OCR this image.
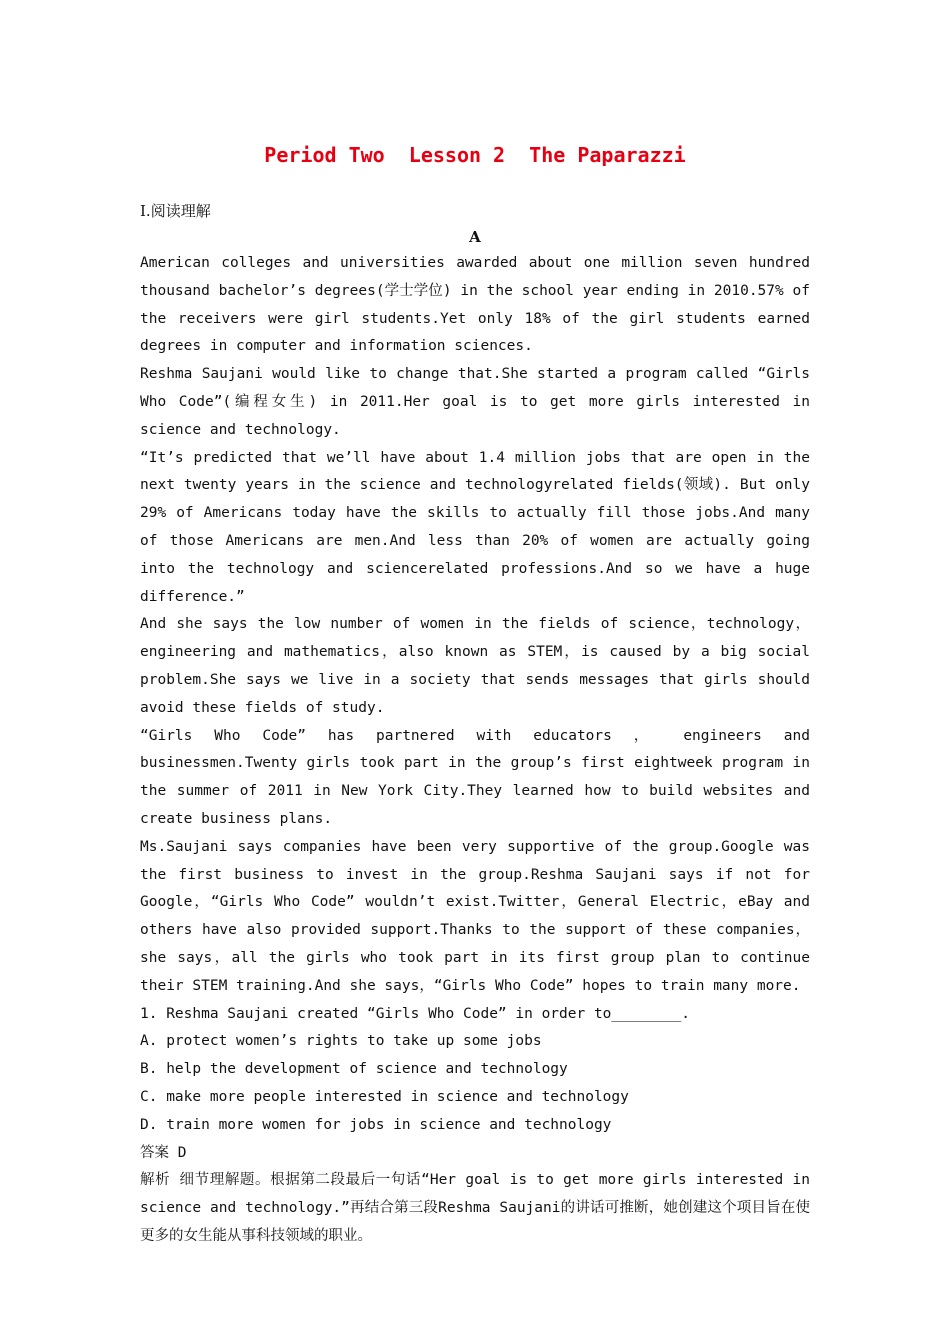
Period Two  Lesson 2  The Paparazzi
Ⅰ.阅读理解
A

American colleges and universities awarded about one million seven hundred thousand bachelor’s degrees(学士学位) in the school year ending in 2010.57% of the receivers were girl students.Yet only 18% of the girl students earned degrees in computer and information sciences.

Reshma Saujani would like to change that.She started a program called “Girls Who Code”(编程女生) in 2011.Her goal is to get more girls interested in science and technology.

“It’s predicted that we’ll have about 1.4 million jobs that are open in the next twenty years in the science and technologyrelated fields(领域). But only 29% of Americans today have the skills to actually fill those jobs.And many of those Americans are men.And less than 20% of women are actually going into the technology and sciencerelated professions.And so we have a huge difference.”

And she says the low number of women in the fields of science，technology，engineering and mathematics，also known as STEM，is caused by a big social problem.She says we live in a society that sends messages that girls should avoid these fields of study.

“Girls Who Code” has partnered with educators ， engineers and businessmen.Twenty girls took part in the group’s first eightweek program in the summer of 2011 in New York City.They learned how to build websites and create business plans.

Ms.Saujani says companies have been very supportive of the group.Google was the first business to invest in the group.Reshma Saujani says if not for Google，“Girls Who Code” wouldn’t exist.Twitter，General Electric，eBay and others have also provided support.Thanks to the support of these companies，she says，all the girls who took part in its first group plan to continue their STEM training.And she says，“Girls Who Code” hopes to train many more.

1. Reshma Saujani created “Girls Who Code” in order to________.

A. protect women’s rights to take up some jobs

B. help the development of science and technology

C. make more people interested in science and technology

D. train more women for jobs in science and technology

答案 D

解析 细节理解题。根据第二段最后一句话“Her goal is to get more girls interested in science and technology.”再结合第三段Reshma Saujani的讲话可推断，她创建这个项目旨在使更多的女生能从事科技领域的职业。
